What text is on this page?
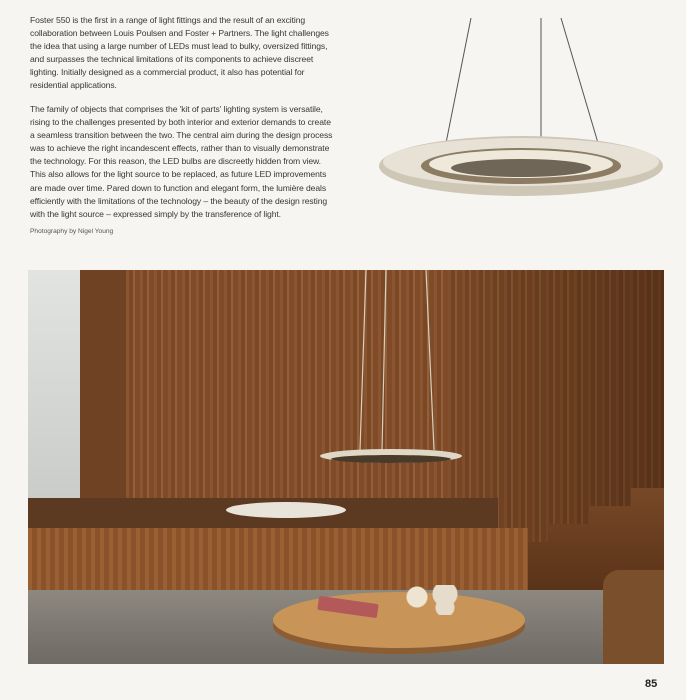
Foster 550 is the first in a range of light fittings and the result of an exciting
collaboration between Louis Poulsen and Foster + Partners. The light challenges
the idea that using a large number of LEDs must lead to bulky, oversized fittings,
and surpasses the technical limitations of its components to achieve discreet
lighting. Initially designed as a commercial product, it also has potential for
residential applications.
The family of objects that comprises the 'kit of parts' lighting system is versatile,
rising to the challenges presented by both interior and exterior demands to create
a seamless transition between the two. The central aim during the design process
was to achieve the right incandescent effects, rather than to visually demonstrate
the technology. For this reason, the LED bulbs are discreetly hidden from view.
This also allows for the light source to be replaced, as future LED improvements
are made over time. Pared down to function and elegant form, the lumière deals
efficiently with the limitations of the technology – the beauty of the design resting
with the light source – expressed simply by the transference of light.
Photography by Nigel Young
85
